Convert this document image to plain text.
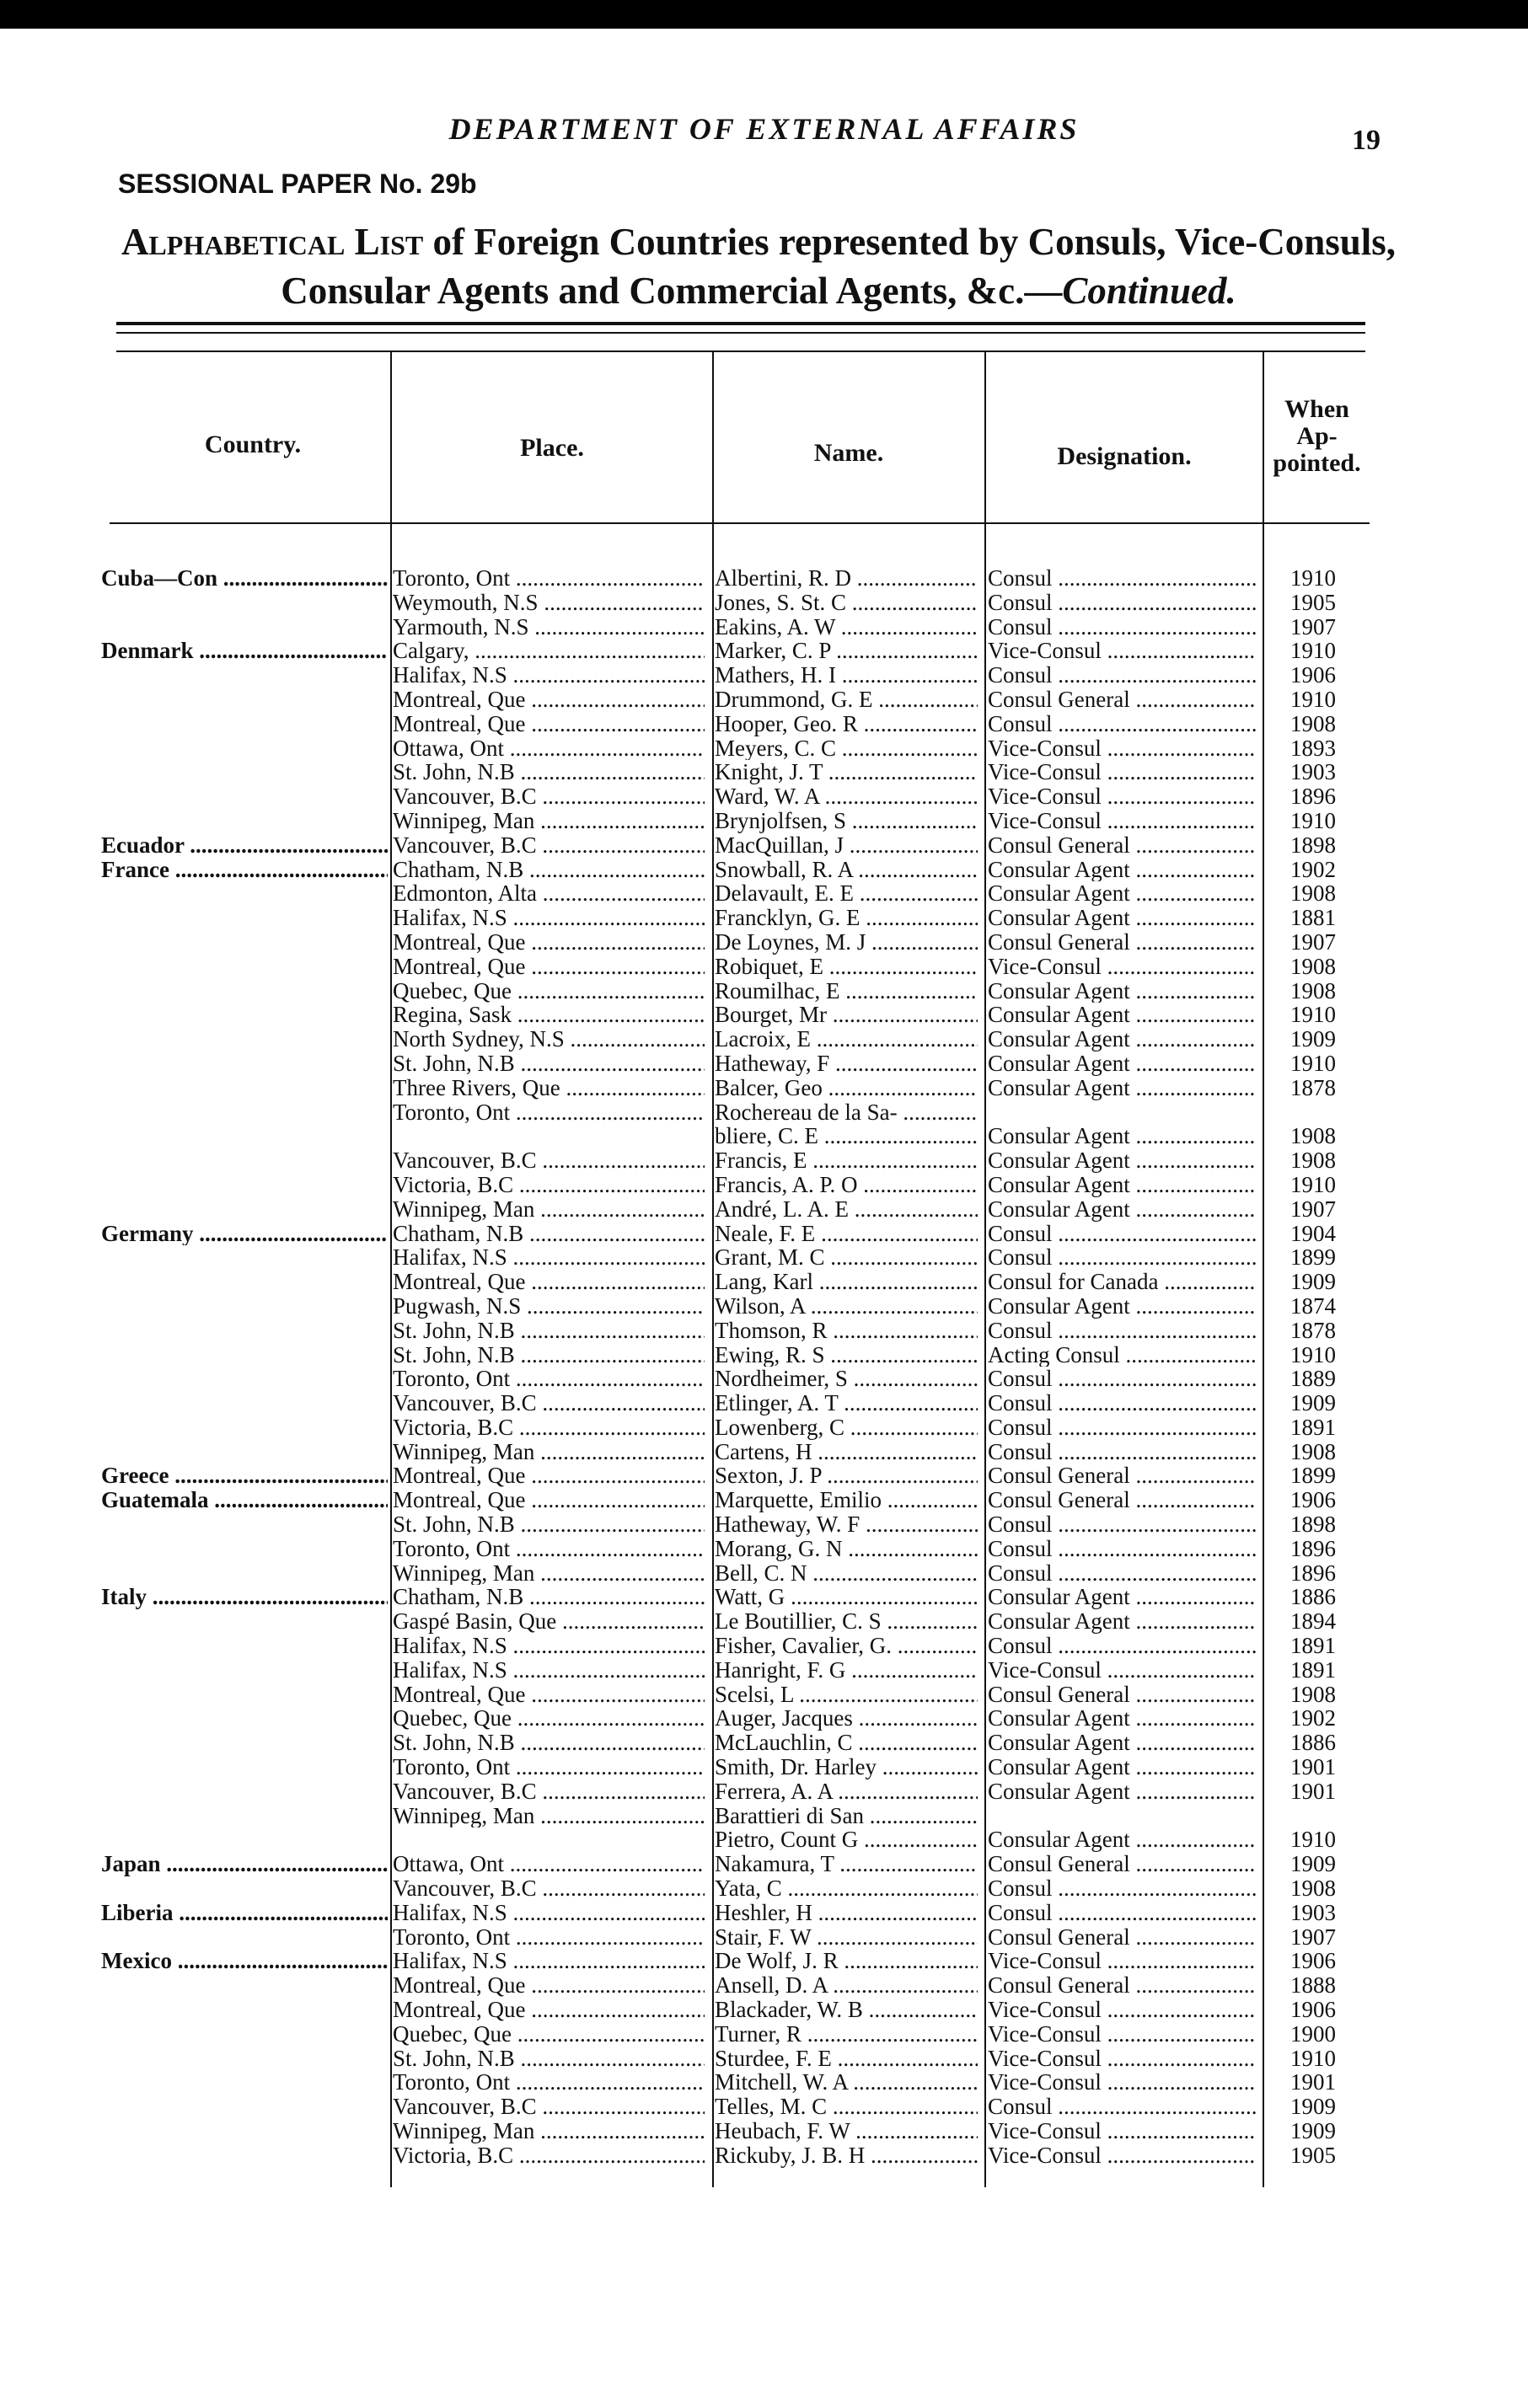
DEPARTMENT OF EXTERNAL AFFAIRS	19
SESSIONAL PAPER No. 29b
Alphabetical List of Foreign Countries represented by Consuls, Vice-Consuls, Consular Agents and Commercial Agents, &c.—Continued.
Country.	Place.	Name.	Designation.
When Ap- pointed.
Cuba—Con .....	Toronto, Ont .....	Albertini, R. D .....	Consul .....	1910
Weymouth, N.S .....	Jones, S. St. C .....	Consul .....	1905
Yarmouth, N.S .....	Eakins, A. W .....	Consul .....	1907
Denmark .....	Calgary, .....	Marker, C. P .....	Vice-Consul .....	1910
Halifax, N.S .....	Mathers, H. I .....	Consul .....	1906
Montreal, Que .....	Drummond, G. E .....	Consul General .....	1910
Montreal, Que .....	Hooper, Geo. R .....	Consul .....	1908
Ottawa, Ont .....	Meyers, C. C .....	Vice-Consul .....	1893
St. John, N.B .....	Knight, J. T .....	Vice-Consul .....	1903
Vancouver, B.C .....	Ward, W. A .....	Vice-Consul .....	1896
Winnipeg, Man .....	Brynjolfsen, S .....	Vice-Consul .....	1910
Ecuador .....	Vancouver, B.C .....	MacQuillan, J .....	Consul General .....	1898
France .....	Chatham, N.B .....	Snowball, R. A .....	Consular Agent .....	1902
Edmonton, Alta .....	Delavault, E. E .....	Consular Agent .....	1908
Halifax, N.S .....	Francklyn, G. E .....	Consular Agent .....	1881
Montreal, Que .....	De Loynes, M. J .....	Consul General .....	1907
Montreal, Que .....	Robiquet, E .....	Vice-Consul .....	1908
Quebec, Que .....	Roumilhac, E .....	Consular Agent .....	1908
Regina, Sask .....	Bourget, Mr .....	Consular Agent .....	1910
North Sydney, N.S .....	Lacroix, E .....	Consular Agent .....	1909
St. John, N.B .....	Hatheway, F .....	Consular Agent .....	1910
Three Rivers, Que .....	Balcer, Geo .....	Consular Agent .....	1878
Toronto, Ont .....	Rochereau de la Sa- .....
bliere, C. E .....	Consular Agent .....	1908
Vancouver, B.C .....	Francis, E .....	Consular Agent .....	1908
Victoria, B.C .....	Francis, A. P. O .....	Consular Agent .....	1910
Winnipeg, Man .....	André, L. A. E .....	Consular Agent .....	1907
Germany .....	Chatham, N.B .....	Neale, F. E .....	Consul .....	1904
Halifax, N.S .....	Grant, M. C .....	Consul .....	1899
Montreal, Que .....	Lang, Karl .....	Consul for Canada .....	1909
Pugwash, N.S .....	Wilson, A .....	Consular Agent .....	1874
St. John, N.B .....	Thomson, R .....	Consul .....	1878
St. John, N.B .....	Ewing, R. S .....	Acting Consul .....	1910
Toronto, Ont .....	Nordheimer, S .....	Consul .....	1889
Vancouver, B.C .....	Etlinger, A. T .....	Consul .....	1909
Victoria, B.C .....	Lowenberg, C .....	Consul .....	1891
Winnipeg, Man .....	Cartens, H .....	Consul .....	1908
Greece .....	Montreal, Que .....	Sexton, J. P .....	Consul General .....	1899
Guatemala .....	Montreal, Que .....	Marquette, Emilio .....	Consul General .....	1906
St. John, N.B .....	Hatheway, W. F .....	Consul .....	1898
Toronto, Ont .....	Morang, G. N .....	Consul .....	1896
Winnipeg, Man .....	Bell, C. N .....	Consul .....	1896
Italy .....	Chatham, N.B .....	Watt, G .....	Consular Agent .....	1886
Gaspé Basin, Que .....	Le Boutillier, C. S .....	Consular Agent .....	1894
Halifax, N.S .....	Fisher, Cavalier, G. .....	Consul .....	1891
Halifax, N.S .....	Hanright, F. G .....	Vice-Consul .....	1891
Montreal, Que .....	Scelsi, L .....	Consul General .....	1908
Quebec, Que .....	Auger, Jacques .....	Consular Agent .....	1902
St. John, N.B .....	McLauchlin, C .....	Consular Agent .....	1886
Toronto, Ont .....	Smith, Dr. Harley .....	Consular Agent .....	1901
Vancouver, B.C .....	Ferrera, A. A .....	Consular Agent .....	1901
Winnipeg, Man .....	Barattieri di San .....
Pietro, Count G .....	Consular Agent .....	1910
Japan .....	Ottawa, Ont .....	Nakamura, T .....	Consul General .....	1909
Vancouver, B.C .....	Yata, C .....	Consul .....	1908
Liberia .....	Halifax, N.S .....	Heshler, H .....	Consul .....	1903
Toronto, Ont .....	Stair, F. W .....	Consul General .....	1907
Mexico .....	Halifax, N.S .....	De Wolf, J. R .....	Vice-Consul .....	1906
Montreal, Que .....	Ansell, D. A .....	Consul General .....	1888
Montreal, Que .....	Blackader, W. B .....	Vice-Consul .....	1906
Quebec, Que .....	Turner, R .....	Vice-Consul .....	1900
St. John, N.B .....	Sturdee, F. E .....	Vice-Consul .....	1910
Toronto, Ont .....	Mitchell, W. A .....	Vice-Consul .....	1901
Vancouver, B.C .....	Telles, M. C .....	Consul .....	1909
Winnipeg, Man .....	Heubach, F. W .....	Vice-Consul .....	1909
Victoria, B.C .....	Rickuby, J. B. H .....	Vice-Consul .....	1905
